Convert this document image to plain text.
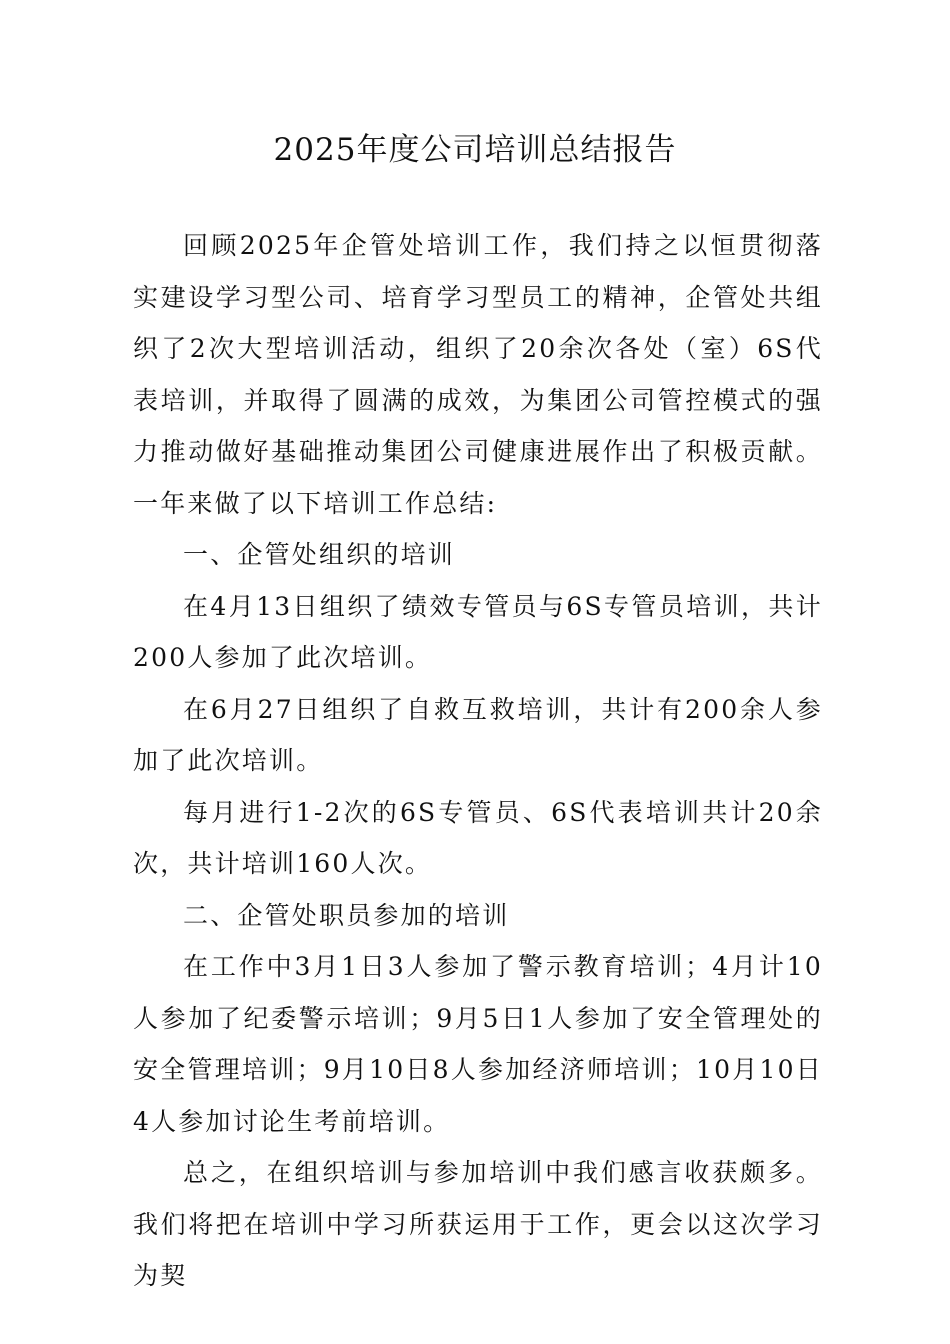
2025年度公司培训总结报告

回顾2025年企管处培训工作，我们持之以恒贯彻落实建设学习型公司、培育学习型员工的精神，企管处共组织了2次大型培训活动，组织了20余次各处（室）6S代表培训，并取得了圆满的成效，为集团公司管控模式的强力推动做好基础推动集团公司健康进展作出了积极贡献。一年来做了以下培训工作总结:

一、企管处组织的培训

在4月13日组织了绩效专管员与6S专管员培训，共计200人参加了此次培训。

在6月27日组织了自救互救培训，共计有200余人参加了此次培训。

每月进行1-2次的6S专管员、6S代表培训共计20余次，共计培训160人次。

二、企管处职员参加的培训

在工作中3月1日3人参加了警示教育培训；4月计10人参加了纪委警示培训；9月5日1人参加了安全管理处的安全管理培训；9月10日8人参加经济师培训；10月10日4人参加讨论生考前培训。

总之，在组织培训与参加培训中我们感言收获颇多。我们将把在培训中学习所获运用于工作，更会以这次学习为契
